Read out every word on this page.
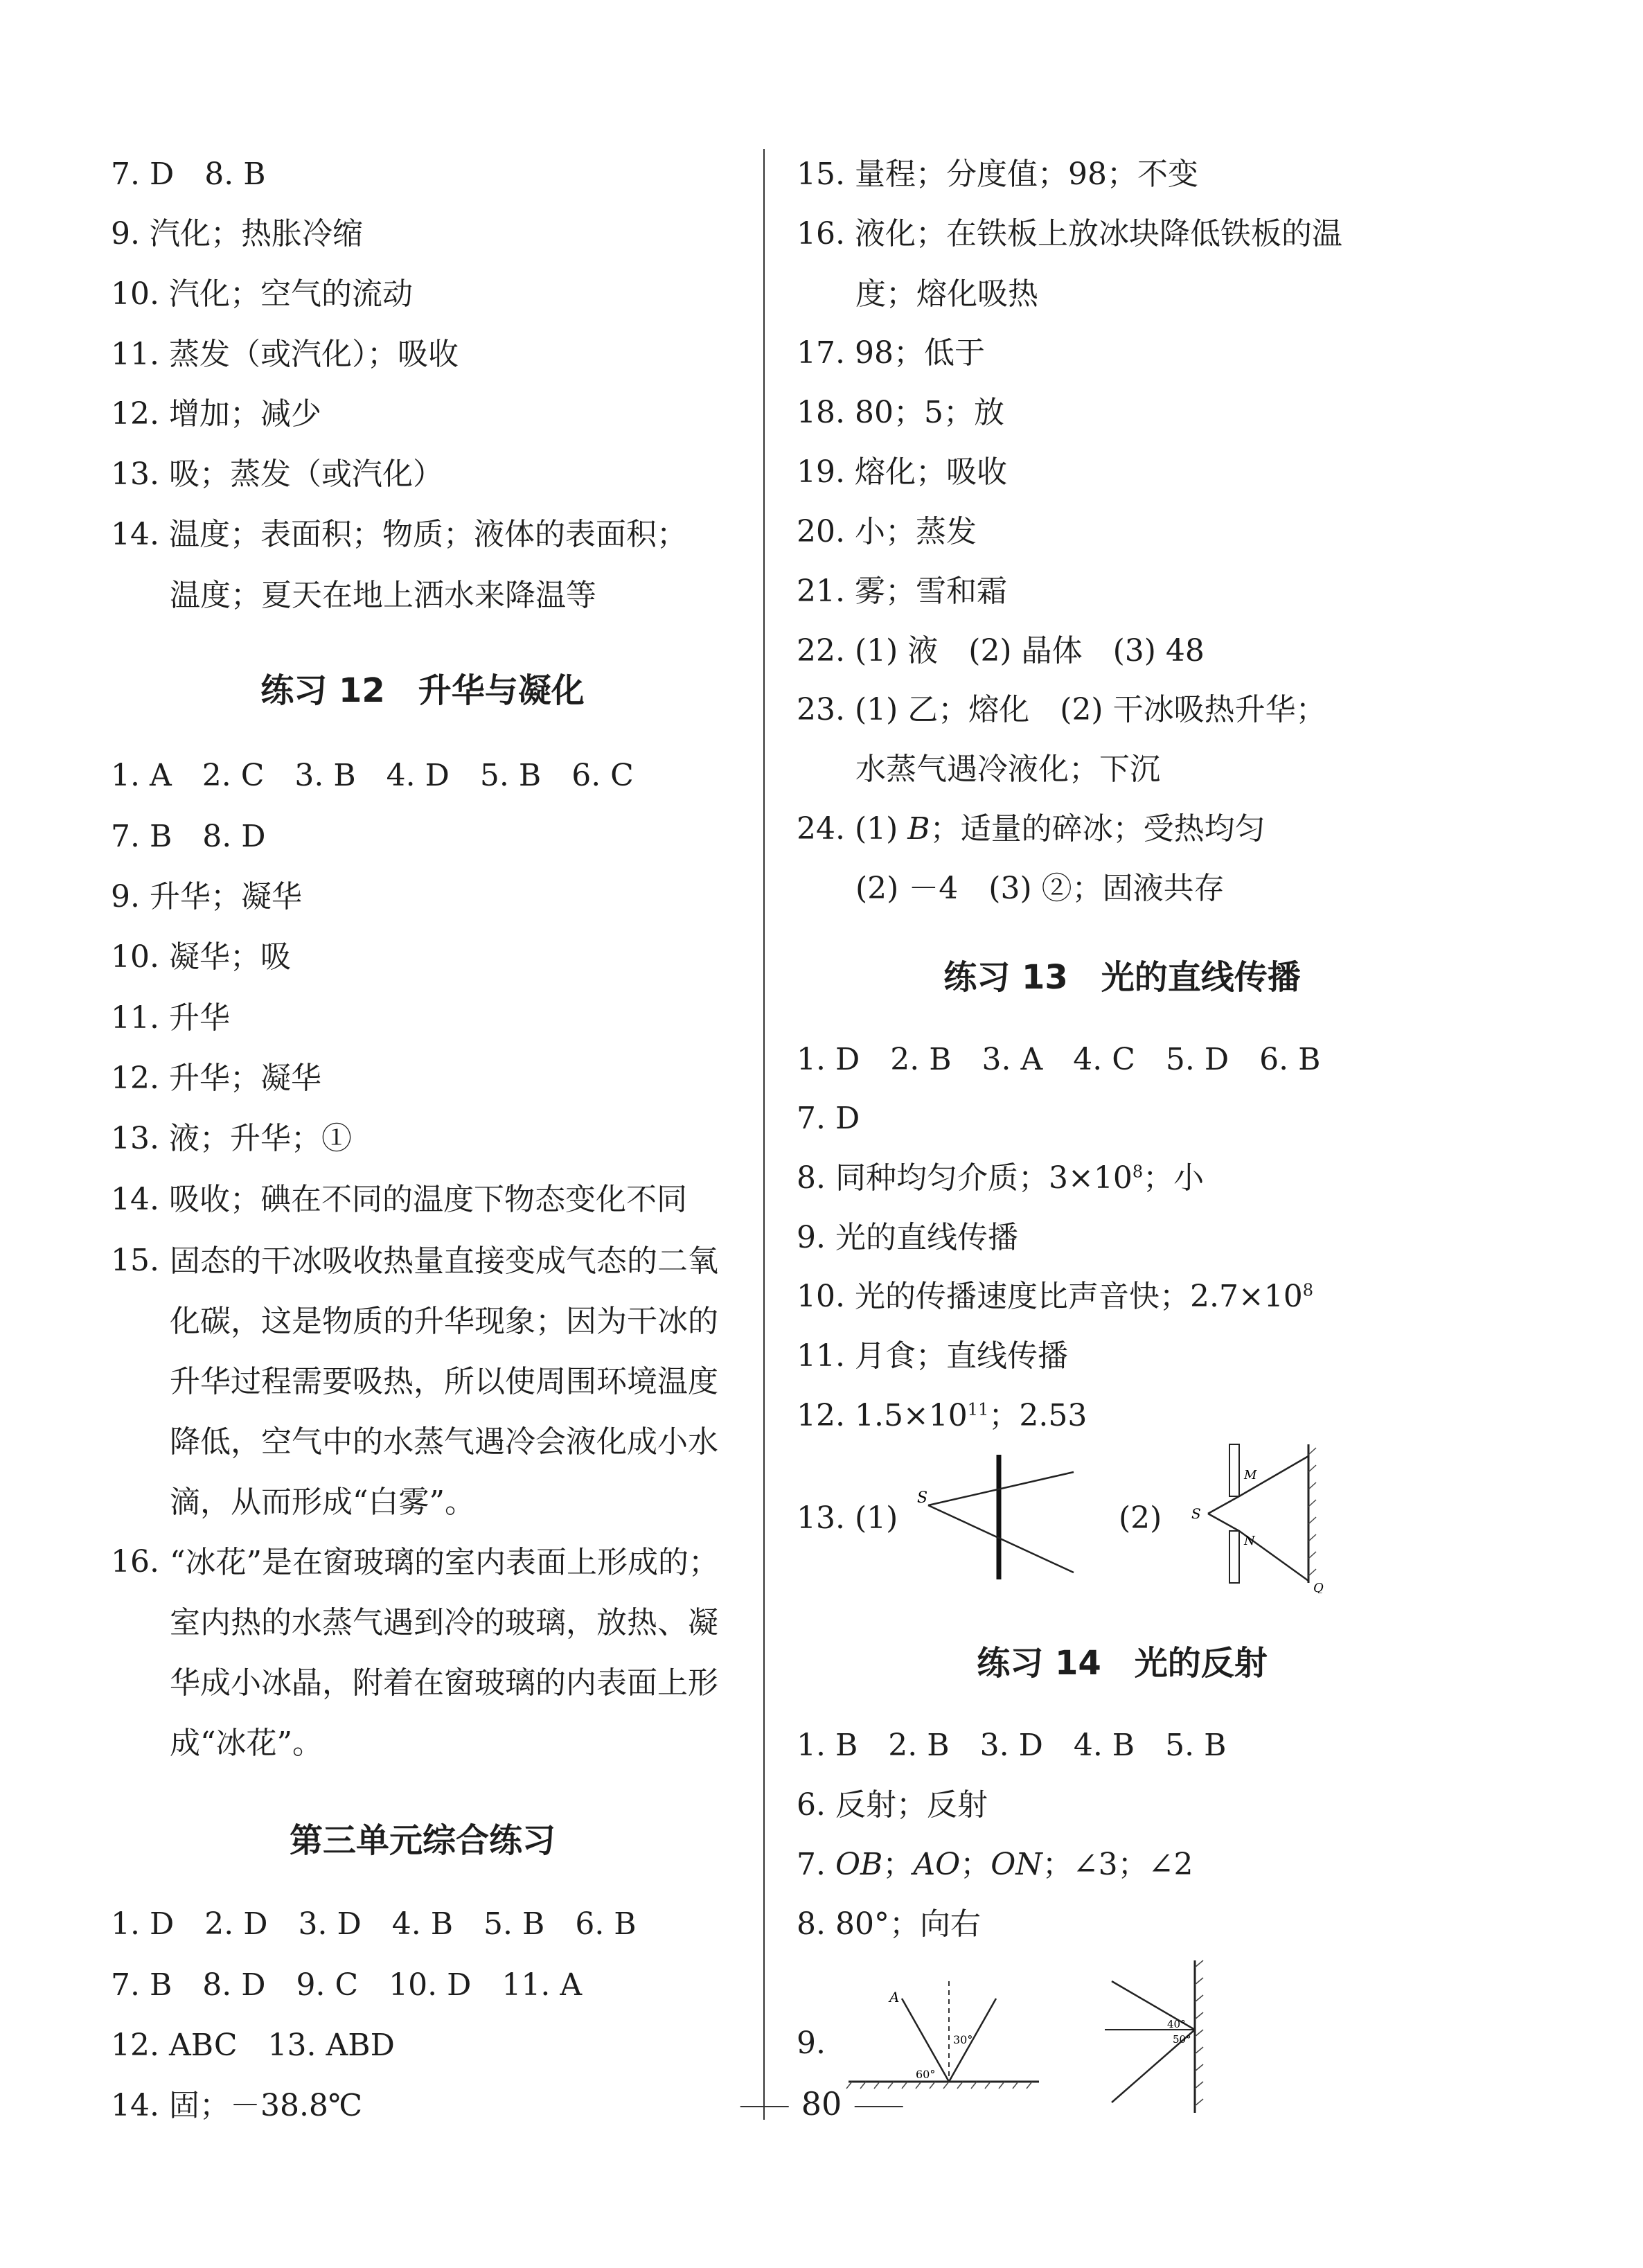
7. D　8. B
9. 汽化；热胀冷缩
10. 汽化；空气的流动
11. 蒸发（或汽化）；吸收
12. 增加；减少
13. 吸；蒸发（或汽化）
14. 温度；表面积；物质；液体的表面积；
温度；夏天在地上洒水来降温等
练习 12　升华与凝化
1. A　2. C　3. B　4. D　5. B　6. C
7. B　8. D
9. 升华；凝华
10. 凝华；吸
11. 升华
12. 升华；凝华
13. 液；升华；①
14. 吸收；碘在不同的温度下物态变化不同
15. 固态的干冰吸收热量直接变成气态的二氧化碳，这是物质的升华现象；因为干冰的升华过程需要吸热，所以使周围环境温度降低，空气中的水蒸气遇冷会液化成小水滴，从而形成“白雾”。
16. “冰花”是在窗玻璃的室内表面上形成的；室内热的水蒸气遇到冷的玻璃，放热、凝华成小冰晶，附着在窗玻璃的内表面上形成“冰花”。
第三单元综合练习
1. D　2. D　3. D　4. B　5. B　6. B
7. B　8. D　9. C　10. D　11. A
12. ABC　13. ABD
14. 固；－38.8℃
15. 量程；分度值；98；不变
16. 液化；在铁板上放冰块降低铁板的温
度；熔化吸热
17. 98；低于
18. 80；5；放
19. 熔化；吸收
20. 小；蒸发
21. 雾；雪和霜
22. (1) 液　(2) 晶体　(3) 48
23. (1) 乙；熔化　(2) 干冰吸热升华；
水蒸气遇冷液化；下沉
24. (1) B；适量的碎冰；受热均匀
(2) －4　(3) ②；固液共存
练习 13　光的直线传播
1. D　2. B　3. A　4. C　5. D　6. B
7. D
8. 同种均匀介质；$3\times 10^8$；小
9. 光的直线传播
10. 光的传播速度比声音快；$2.7\times 10^8$
11. 月食；直线传播
12. $1.5\times 10^{11}$；2.53
13. (1)	(2)
练习 14　光的反射
1. B　2. B　3. D　4. B　5. B
6. 反射；反射
7. OB；AO；ON；∠3；∠2
8. 80°；向右
9.
S
S
M
N
Q
A
30°
60°
40°
50°
80
